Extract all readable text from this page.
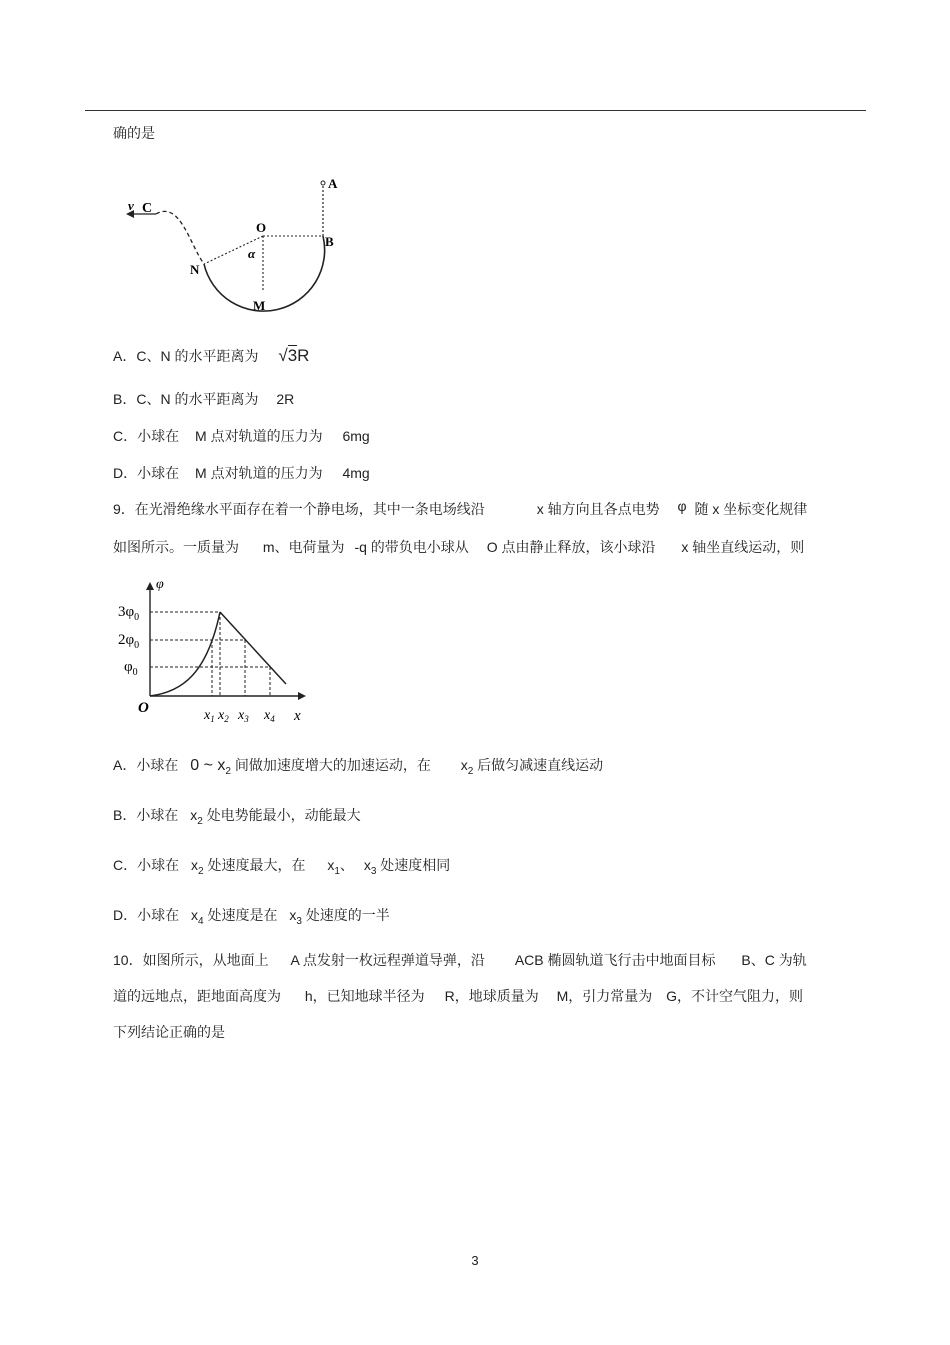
确的是
v C
A
O
B
N
α
M
A．C、N 的水平距离为 √3R
B．C、N 的水平距离为 2R
C．小球在 M 点对轨道的压力为 6mg
D．小球在 M 点对轨道的压力为 4mg
9．在光滑绝缘水平面存在着一个静电场，其中一条电场线沿	x 轴方向且各点电势 φ 随 x 坐标变化规律
如图所示。一质量为 m、电荷量为 -q 的带负电小球从 O 点由静止释放，该小球沿 x 轴坐直线运动，则
φ
$3\varphi_0$
$2\varphi_0$
$\varphi_0$
O	$x_1$ $x_2$ $x_3$ $x_4$ x
A．小球在 0 ~ $x_2$ 间做加速度增大的加速运动，在 $x_2$ 后做匀减速直线运动
B．小球在 $x_2$ 处电势能最小，动能最大
C．小球在 $x_2$ 处速度最大，在 $x_1$、 $x_3$ 处速度相同
D．小球在 $x_4$ 处速度是在 $x_3$ 处速度的一半
10．如图所示，从地面上 A 点发射一枚远程弹道导弹，沿 ACB 椭圆轨道飞行击中地面目标 B、C 为轨
道的远地点，距地面高度为 h，已知地球半径为 R，地球质量为 M，引力常量为 G，不计空气阻力，则
下列结论正确的是
3
